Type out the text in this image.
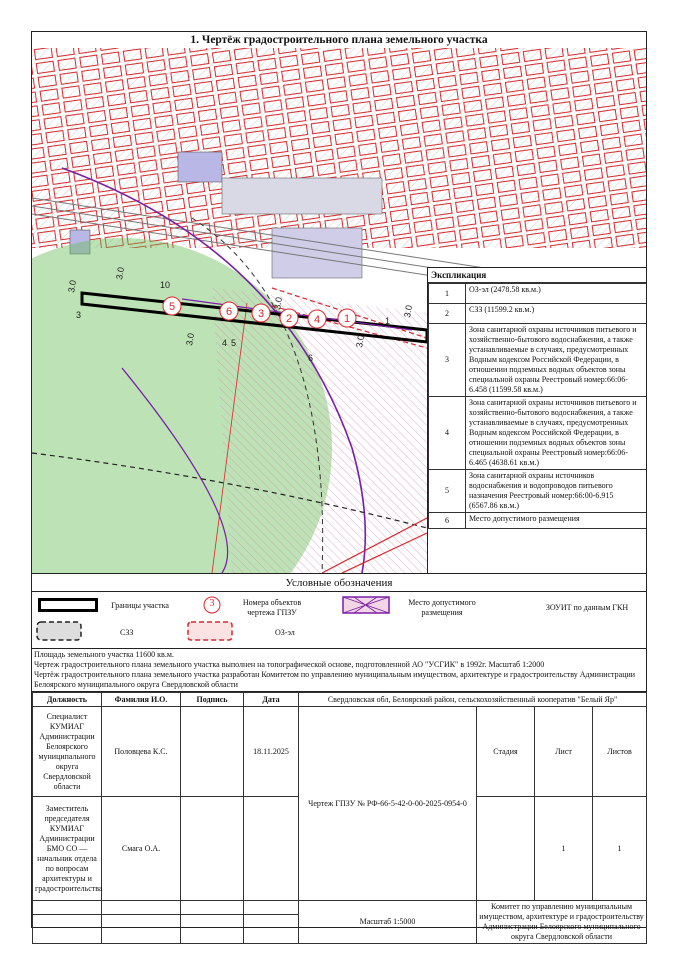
1. Чертёж градостроительного плана земельного участка
3.0
3.0
3.0
3.0
3.0
3.0
10
1
3
4 5
6
5	6 3 2 4 1
Экспликация
1	ОЗ-эл (2478.58 кв.м.)
2	СЗЗ (11599.2 кв.м.)
3	Зона санитарной охраны источников питьевого и хозяйственно-бытового водоснабжения, а также устанавливаемые в случаях, предусмотренных Водным кодексом Российской Федерации, в отношении подземных водных объектов зоны специальной охраны Реестровый номер:66:06-6.458 (11599.58 кв.м.)
4	Зона санитарной охраны источников питьевого и хозяйственно-бытового водоснабжения, а также устанавливаемые в случаях, предусмотренных Водным кодексом Российской Федерации, в отношении подземных водных объектов зоны специальной охраны Реестровый номер:66:06-6.465 (4638.61 кв.м.)
5	Зона санитарной охраны источников водоснабжения и водопроводов питьевого назначения Реестровый номер:66:00-6.915 (6567.86 кв.м.)
6	Место допустимого размещения
Условные обозначения
Границы участка	3	Номера объектов чертежа ГПЗУ
Место допустимого размещения
ЗОУИТ по данным ГКН
СЗЗ	ОЗ-эл
Площадь земельного участка 11600 кв.м.
Чертеж градостроительного плана земельного участка выполнен на топографической основе, подготовленной АО "УСГИК" в 1992г. Масштаб 1:2000
Чертёж градостроительного плана земельного участка разработан Комитетом по управлению муниципальным имуществом, архитектуре и градостроительству Администрации Белоярского муниципального округа Свердловской области
Должность	Фамилия И.О.	Подпись	Дата	Свердловская обл, Белоярский район, сельскохозяйственный кооператив "Белый Яр"			
Специалист КУМИАГ Администрации Белоярского муниципального округа Свердловской области	Половцева К.С.		18.11.2025	Чертеж ГПЗУ № РФ-66-5-42-0-00-2025-0954-0	Стадия	Лист	Листов
Заместитель председателя КУМИАГ Администрации БМО СО — начальник отдела по вопросам архитектуры и градостроительства	Смага О.А.					1	1
				Масштаб 1:5000	Комитет по управлению муниципальным имуществом, архитектуре и градостроительству Администрации Белоярского муниципального округа Свердловской области		
